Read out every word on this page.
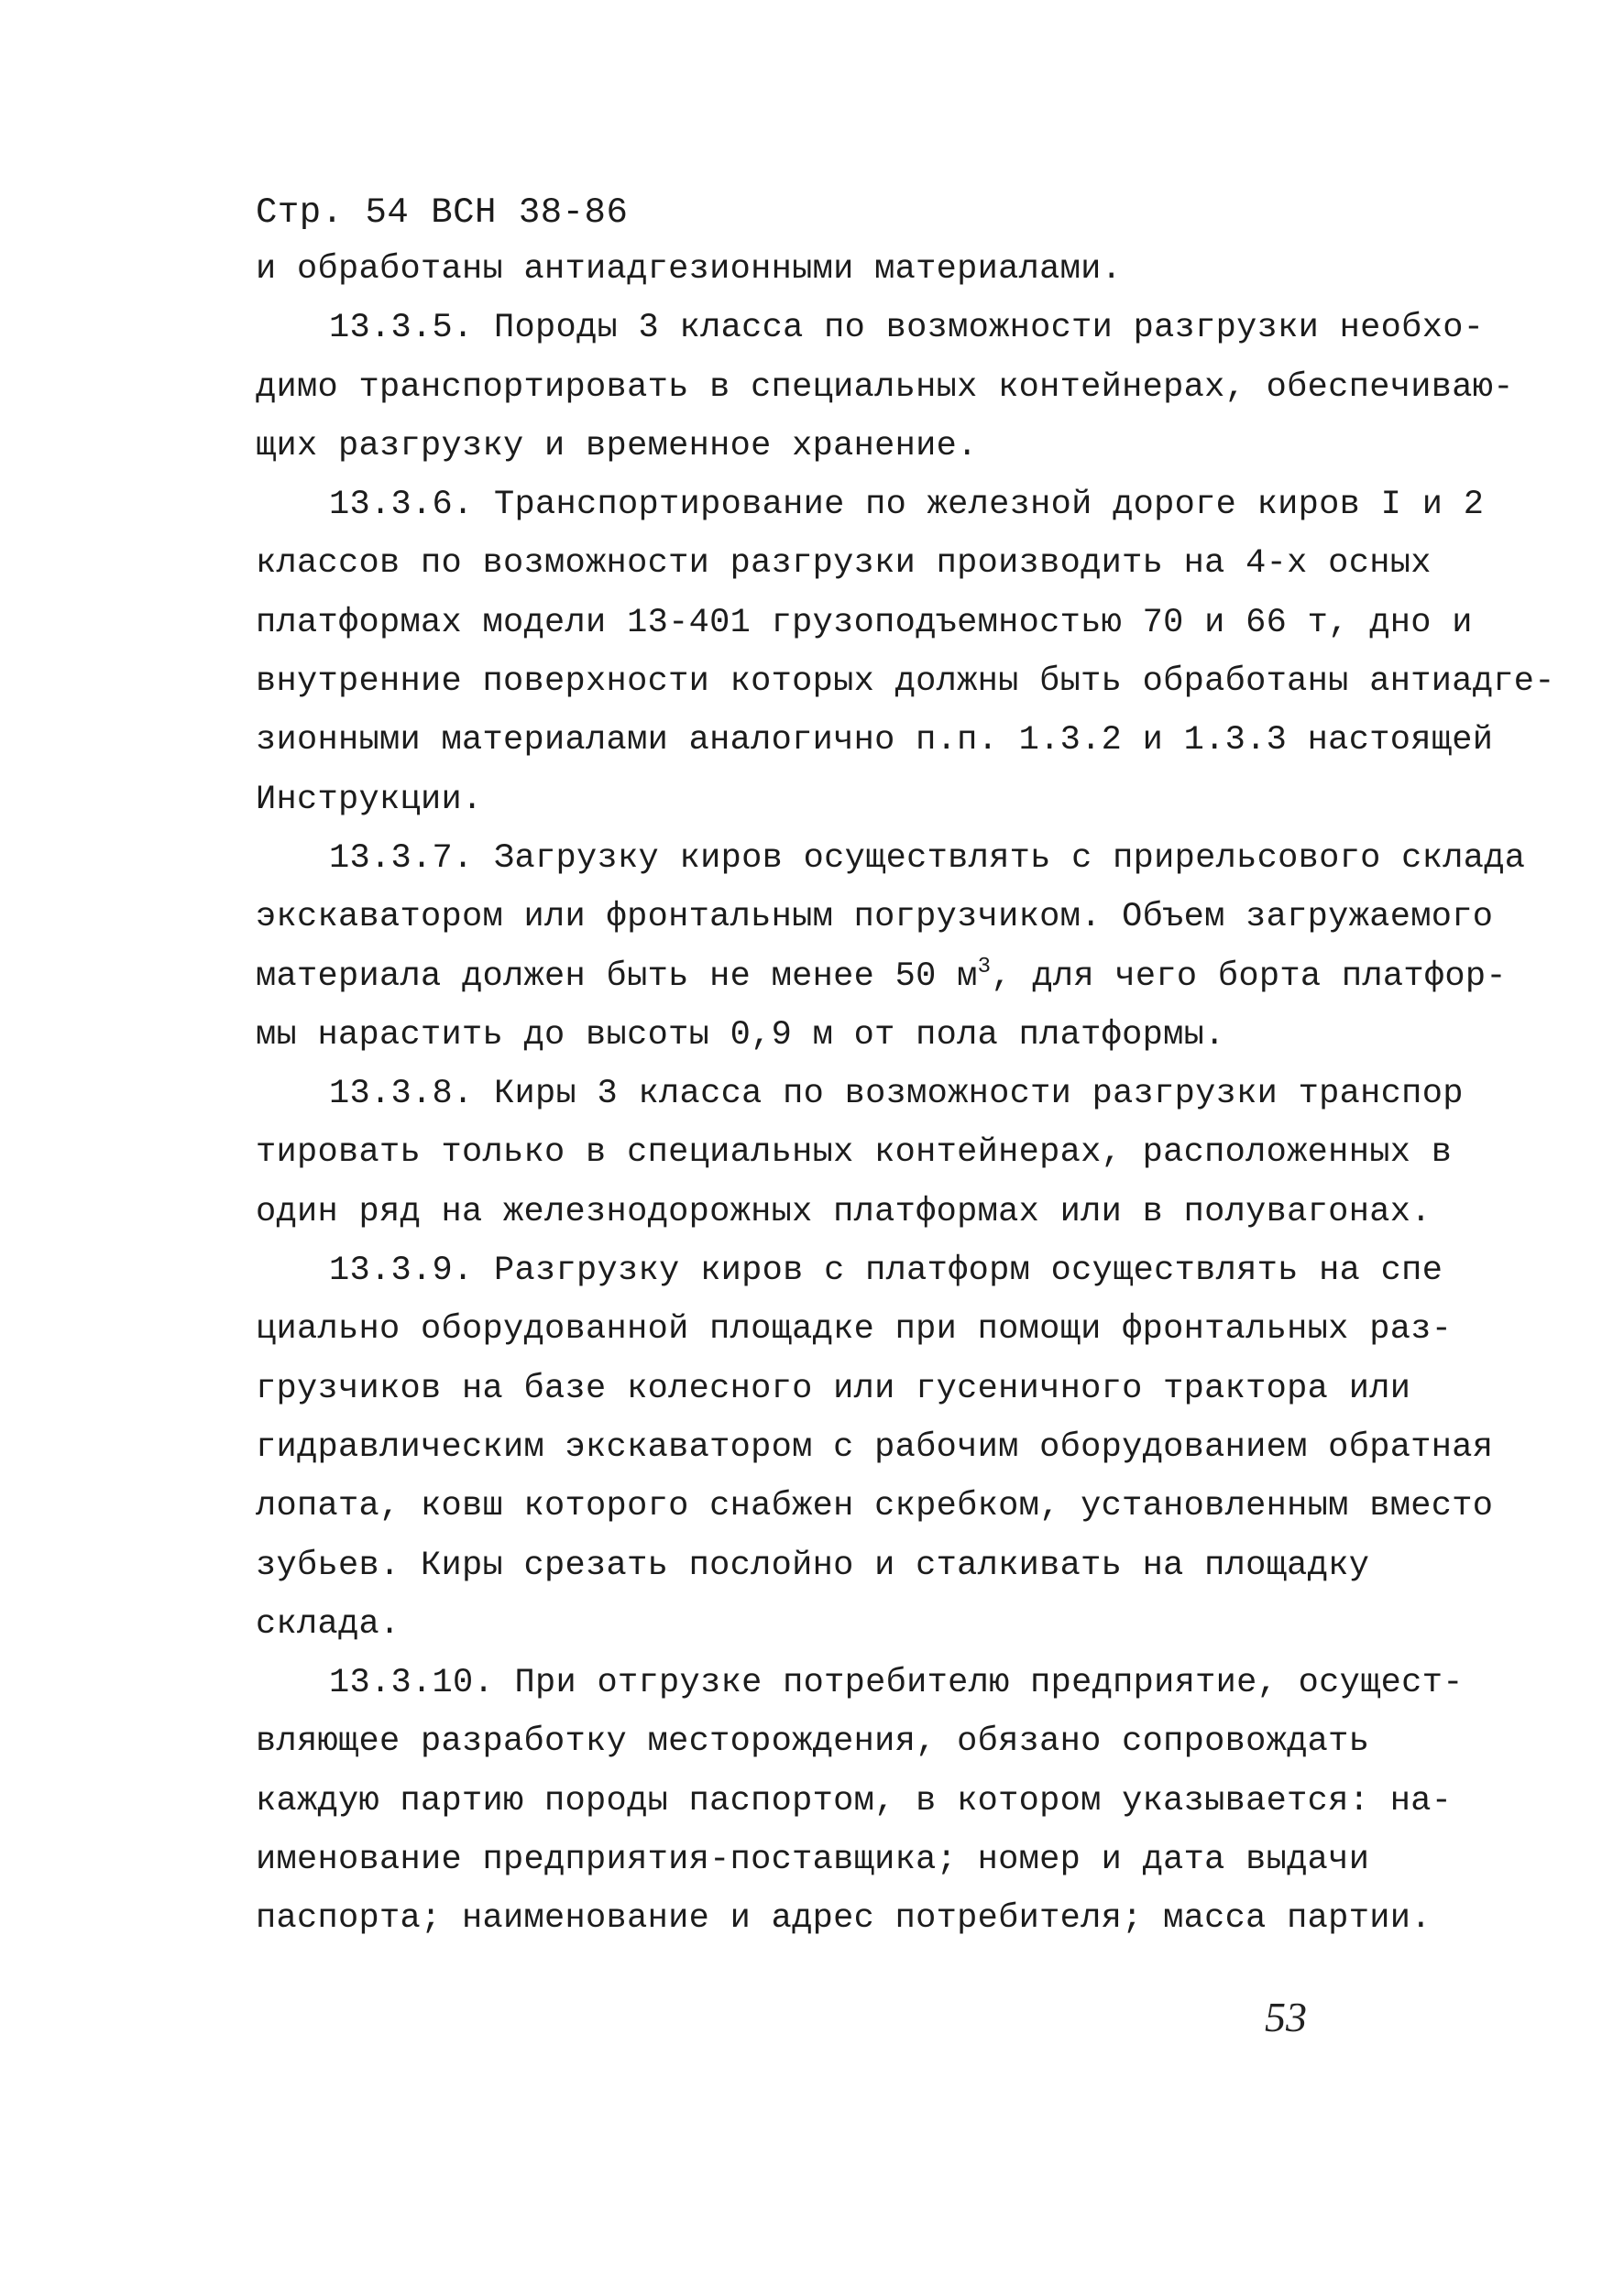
Стр. 54 ВСН 38-86
и обработаны антиадгезионными материалами.
13.3.5. Породы 3 класса по возможности разгрузки необхо-
димо транспортировать в специальных контейнерах, обеспечиваю-
щих разгрузку и временное хранение.
13.3.6. Транспортирование по железной дороге киров I и 2
классов по возможности разгрузки производить на 4-х осных
платформах модели 13-401 грузоподъемностью 70 и 66 т, дно и
внутренние поверхности которых должны быть обработаны антиадге-
зионными материалами аналогично п.п. 1.3.2 и 1.3.3 настоящей
Инструкции.
13.3.7. Загрузку киров осуществлять с прирельсового склада
экскаватором или фронтальным погрузчиком. Объем загружаемого
материала должен быть не менее 50 $м^3$, для чего борта платфор-
мы нарастить до высоты 0,9 м от пола платформы.
13.3.8. Киры 3 класса по возможности разгрузки транспор
тировать только в специальных контейнерах, расположенных в
один ряд на железнодорожных платформах или в полувагонах.
13.3.9. Разгрузку киров с платформ осуществлять на спе
циально оборудованной площадке при помощи фронтальных раз-
грузчиков на базе колесного или гусеничного трактора или
гидравлическим экскаватором с рабочим оборудованием обратная
лопата, ковш которого снабжен скребком, установленным вместо
зубьев. Киры срезать послойно и сталкивать на площадку
склада.
13.3.10. При отгрузке потребителю предприятие, осущест-
вляющее разработку месторождения, обязано сопровождать
каждую партию породы паспортом, в котором указывается: на-
именование предприятия-поставщика; номер и дата выдачи
паспорта; наименование и адрес потребителя; масса партии.
53
